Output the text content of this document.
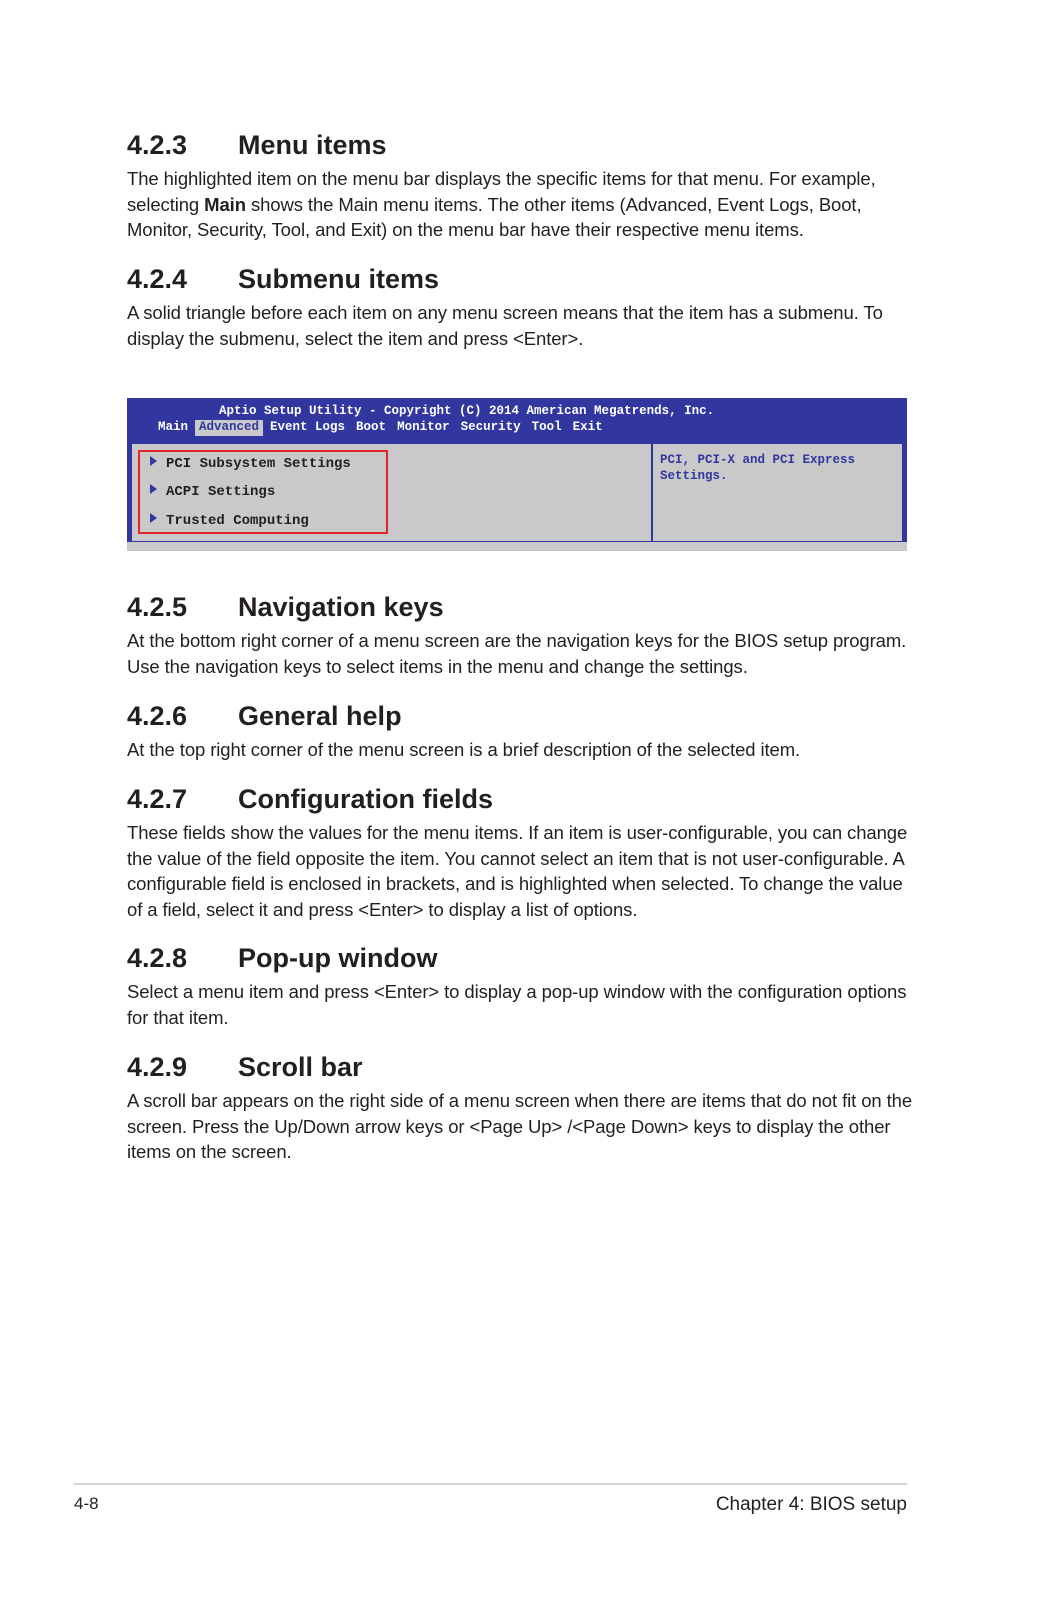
4.2.3 Menu items

The highlighted item on the menu bar displays the specific items for that menu. For example, selecting Main shows the Main menu items. The other items (Advanced, Event Logs, Boot, Monitor, Security, Tool, and Exit) on the menu bar have their respective menu items.

4.2.4 Submenu items

A solid triangle before each item on any menu screen means that the item has a submenu. To display the submenu, select the item and press <Enter>.

Aptio Setup Utility - Copyright (C) 2014 American Megatrends, Inc.
Main Advanced Event Logs Boot Monitor Security Tool Exit
PCI Subsystem Settings
ACPI Settings
Trusted Computing
PCI, PCI-X and PCI Express Settings.
4.2.5 Navigation keys

At the bottom right corner of a menu screen are the navigation keys for the BIOS setup program. Use the navigation keys to select items in the menu and change the settings.

4.2.6 General help

At the top right corner of the menu screen is a brief description of the selected item.

4.2.7 Configuration fields

These fields show the values for the menu items. If an item is user-configurable, you can change the value of the field opposite the item. You cannot select an item that is not user-configurable. A configurable field is enclosed in brackets, and is highlighted when selected. To change the value of a field, select it and press <Enter> to display a list of options.

4.2.8 Pop-up window

Select a menu item and press <Enter> to display a pop-up window with the configuration options for that item.

4.2.9 Scroll bar

A scroll bar appears on the right side of a menu screen when there are items that do not fit on the screen. Press the Up/Down arrow keys or <Page Up> /<Page Down> keys to display the other items on the screen.

4-8	Chapter 4: BIOS setup
